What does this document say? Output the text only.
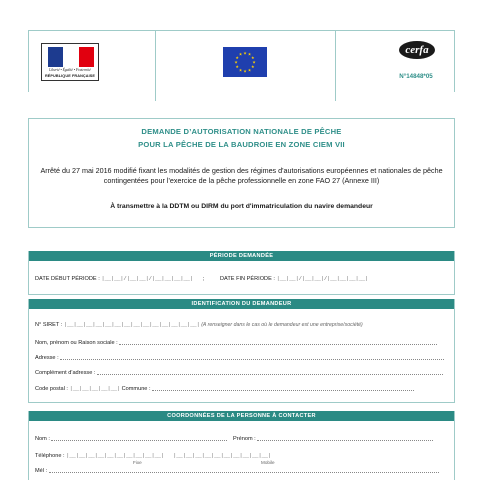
Liberté • Égalité • Fraternité
RÉPUBLIQUE FRANÇAISE
★ ★
★
★
★
★
★
★
★
★
★
★	cerfa
N°14848*05
DEMANDE D’AUTORISATION NATIONALE DE PÊCHE
POUR LA PÊCHE DE LA BAUDROIE EN ZONE CIEM VII
Arrêté du 27 mai 2016 modifié fixant les modalités de gestion des régimes d'autorisations européennes et nationales de pêche contingentées pour l'exercice de la pêche professionnelle en zone FAO 27 (Annexe III)
À transmettre à la DDTM ou DIRM du port d'immatriculation du navire demandeur
PÉRIODE DEMANDÉE
DATE DÉBUT PÉRIODE : |__|__|/|__|__|/|__|__|__|__| ;	DATE FIN PÉRIODE : |__|__|/|__|__|/|__|__|__|__|
IDENTIFICATION DU DEMANDEUR
N° SIRET : |__|__|__|__|__|__|__|__|__|__|__|__|__|__| (A renseigner dans le cas où le demandeur est une entreprise/société)
Nom, prénom ou Raison sociale :
Adresse :
Complément d'adresse :
Code postal : |__|__|__|__|__| Commune :
COORDONNÉES DE LA PERSONNE À CONTACTER
Nom :	Prénom :
Téléphone : |__|__|__|__|__|__|__|__|__|__| |__|__|__|__|__|__|__|__|__|__|
Fixe	Mobile
Mél :
